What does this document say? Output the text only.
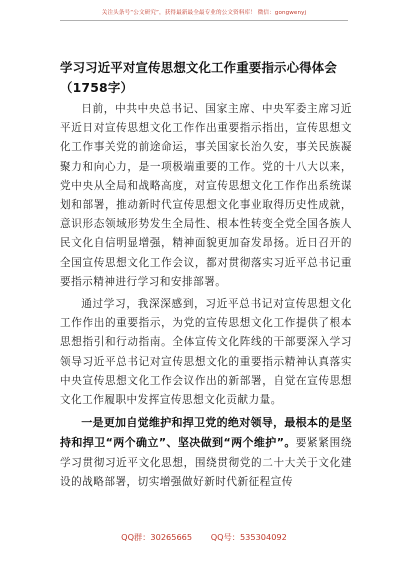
关注头条号“公文研究”，获得最新最全最专业的公文资料库！ 微信：gongwenyj
学习习近平对宣传思想文化工作重要指示心得体会（1758字）

日前，中共中央总书记、国家主席、中央军委主席习近平近日对宣传思想文化工作作出重要指示指出，宣传思想文化工作事关党的前途命运，事关国家长治久安，事关民族凝聚力和向心力，是一项极端重要的工作。党的十八大以来，党中央从全局和战略高度，对宣传思想文化工作作出系统谋划和部署，推动新时代宣传思想文化事业取得历史性成就，意识形态领域形势发生全局性、根本性转变全党全国各族人民文化自信明显增强，精神面貌更加奋发昂扬。近日召开的全国宣传思想文化工作会议，都对贯彻落实习近平总书记重要指示精神进行学习和安排部署。

通过学习，我深深感到，习近平总书记对宣传思想文化工作作出的重要指示，为党的宣传思想文化工作提供了根本思想指引和行动指南。全体宣传文化阵线的干部要深入学习领导习近平总书记对宣传思想文化的重要指示精神认真落实中央宣传思想文化工作会议作出的新部署，自觉在宣传思想文化工作履职中发挥宣传思想文化贡献力量。

一是更加自觉维护和捍卫党的绝对领导，最根本的是坚持和捍卫“两个确立”、坚决做到“两个维护”。要紧紧围绕学习贯彻习近平文化思想，围绕贯彻党的二十大关于文化建设的战略部署，切实增强做好新时代新征程宣传

QQ群：30265665 QQ号：535304092
